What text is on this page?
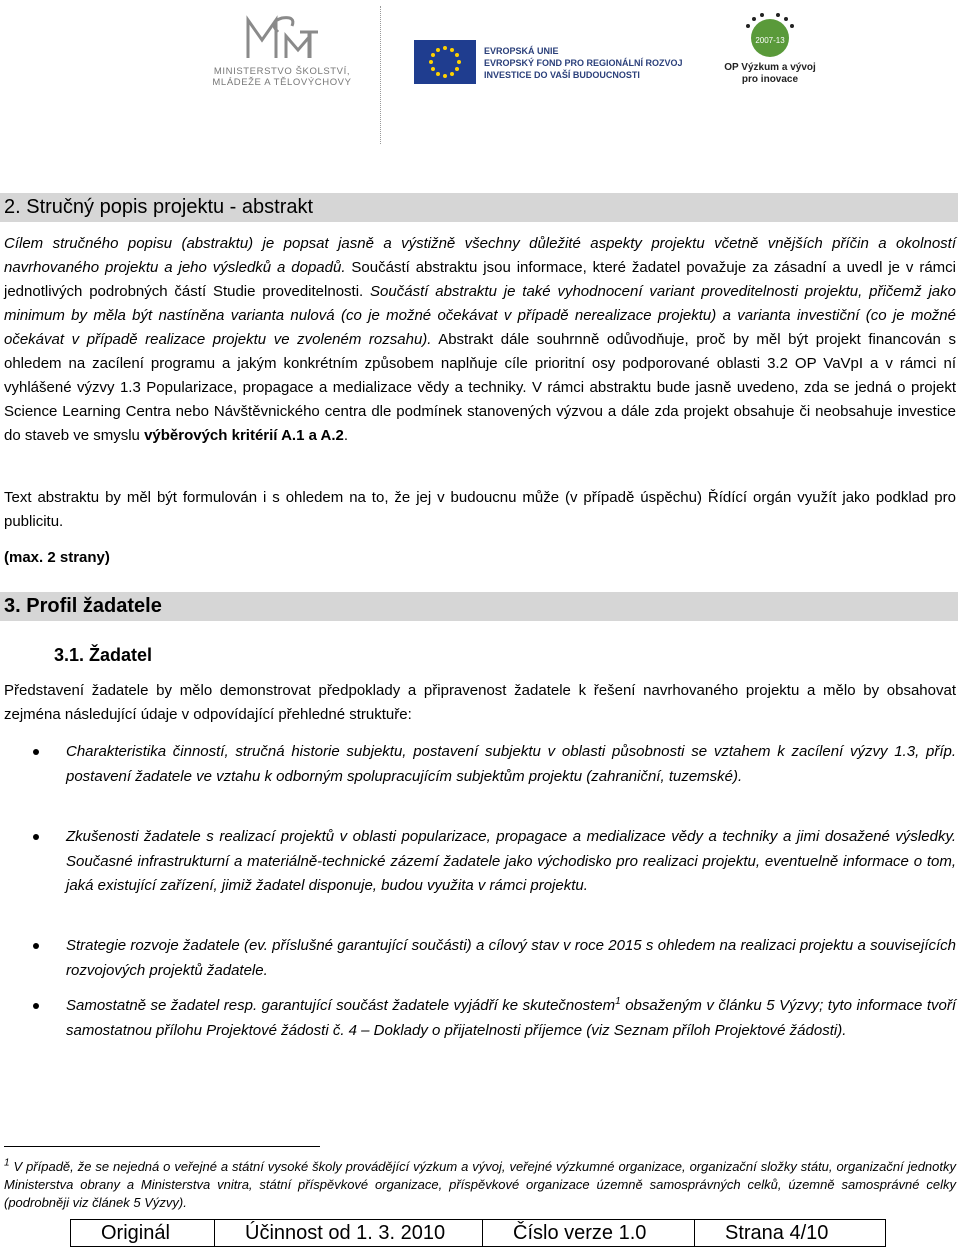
MINISTERSTVO ŠKOLSTVÍ,
MLÁDEŽE A TĚLOVÝCHOVY
EVROPSKÁ UNIE
EVROPSKÝ FOND PRO REGIONÁLNÍ ROZVOJ
INVESTICE DO VAŠÍ BUDOUCNOSTI
2007-13
OP Výzkum a vývoj
pro inovace
2. Stručný popis projektu - abstrakt

Cílem stručného popisu (abstraktu) je popsat jasně a výstižně všechny důležité aspekty projektu včetně vnějších příčin a okolností navrhovaného projektu a jeho výsledků a dopadů. Součástí abstraktu jsou informace, které žadatel považuje za zásadní a uvedl je v rámci jednotlivých podrobných částí Studie proveditelnosti. Součástí abstraktu je také vyhodnocení variant proveditelnosti projektu, přičemž jako minimum by měla být nastíněna varianta nulová (co je možné očekávat v případě nerealizace projektu) a varianta investiční (co je možné očekávat v případě realizace projektu ve zvoleném rozsahu). Abstrakt dále souhrnně odůvodňuje, proč by měl být projekt financován s ohledem na zacílení programu a jakým konkrétním způsobem naplňuje cíle prioritní osy podporované oblasti 3.2 OP VaVpI a v rámci ní vyhlášené výzvy 1.3 Popularizace, propagace a medializace vědy a techniky. V rámci abstraktu bude jasně uvedeno, zda se jedná o projekt Science Learning Centra nebo Návštěvnického centra dle podmínek stanovených výzvou a dále zda projekt obsahuje či neobsahuje investice do staveb ve smyslu výběrových kritérií A.1 a A.2.

Text abstraktu by měl být formulován i s ohledem na to, že jej v budoucnu může (v případě úspěchu) Řídící orgán využít jako podklad pro publicitu.

(max. 2 strany)

3. Profil žadatele
3.1. Žadatel

Představení žadatele by mělo demonstrovat předpoklady a připravenost žadatele k řešení navrhovaného projektu a mělo by obsahovat zejména následující údaje v odpovídající přehledné struktuře:

Charakteristika činností, stručná historie subjektu, postavení subjektu v oblasti působnosti se vztahem k zacílení výzvy 1.3, příp. postavení žadatele ve vztahu k odborným spolupracujícím subjektům projektu (zahraniční, tuzemské).
Zkušenosti žadatele s realizací projektů v oblasti popularizace, propagace a medializace vědy a techniky a jimi dosažené výsledky. Současné infrastrukturní a materiálně-technické zázemí žadatele jako východisko pro realizaci projektu, eventuelně informace o tom, jaká existující zařízení, jimiž žadatel disponuje, budou využita v rámci projektu.
Strategie rozvoje žadatele (ev. příslušné garantující součásti) a cílový stav v roce 2015 s ohledem na realizaci projektu a souvisejících rozvojových projektů žadatele.
Samostatně se žadatel resp. garantující součást žadatele vyjádří ke skutečnostem$^1$ obsaženým v článku 5 Výzvy; tyto informace tvoří samostatnou přílohu Projektové žádosti č. 4 – Doklady o přijatelnosti příjemce (viz Seznam příloh Projektové žádosti).
$^1$ V případě, že se nejedná o veřejné a státní vysoké školy provádějící výzkum a vývoj, veřejné výzkumné organizace, organizační složky státu, organizační jednotky Ministerstva obrany a Ministerstva vnitra, státní příspěvkové organizace, příspěvkové organizace územně samosprávných celků, územně samosprávné celky (podrobněji viz článek 5 Výzvy).
Originál	Účinnost od 1. 3. 2010	Číslo verze 1.0	Strana 4/10
